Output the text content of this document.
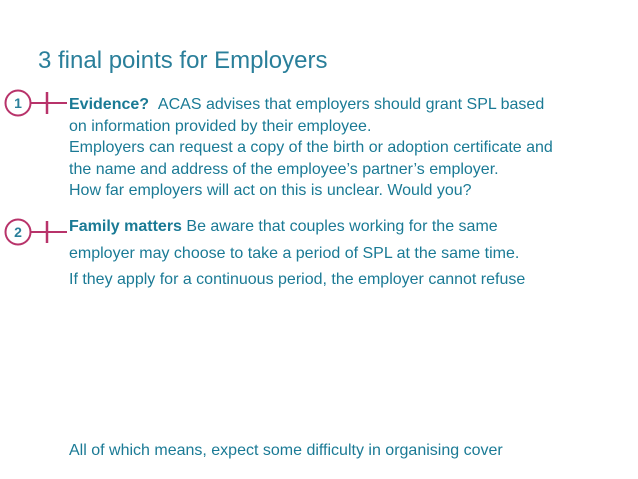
3 final points for Employers
1	Evidence? ACAS advises that employers should grant SPL based
on information provided by their employee.
Employers can request a copy of the birth or adoption certificate and
the name and address of the employee’s partner’s employer.
How far employers will act on this is unclear. Would you?
2	Family matters Be aware that couples working for the same
employer may choose to take a period of SPL at the same time.
If they apply for a continuous period, the employer cannot refuse
All of which means, expect some difficulty in organising cover
